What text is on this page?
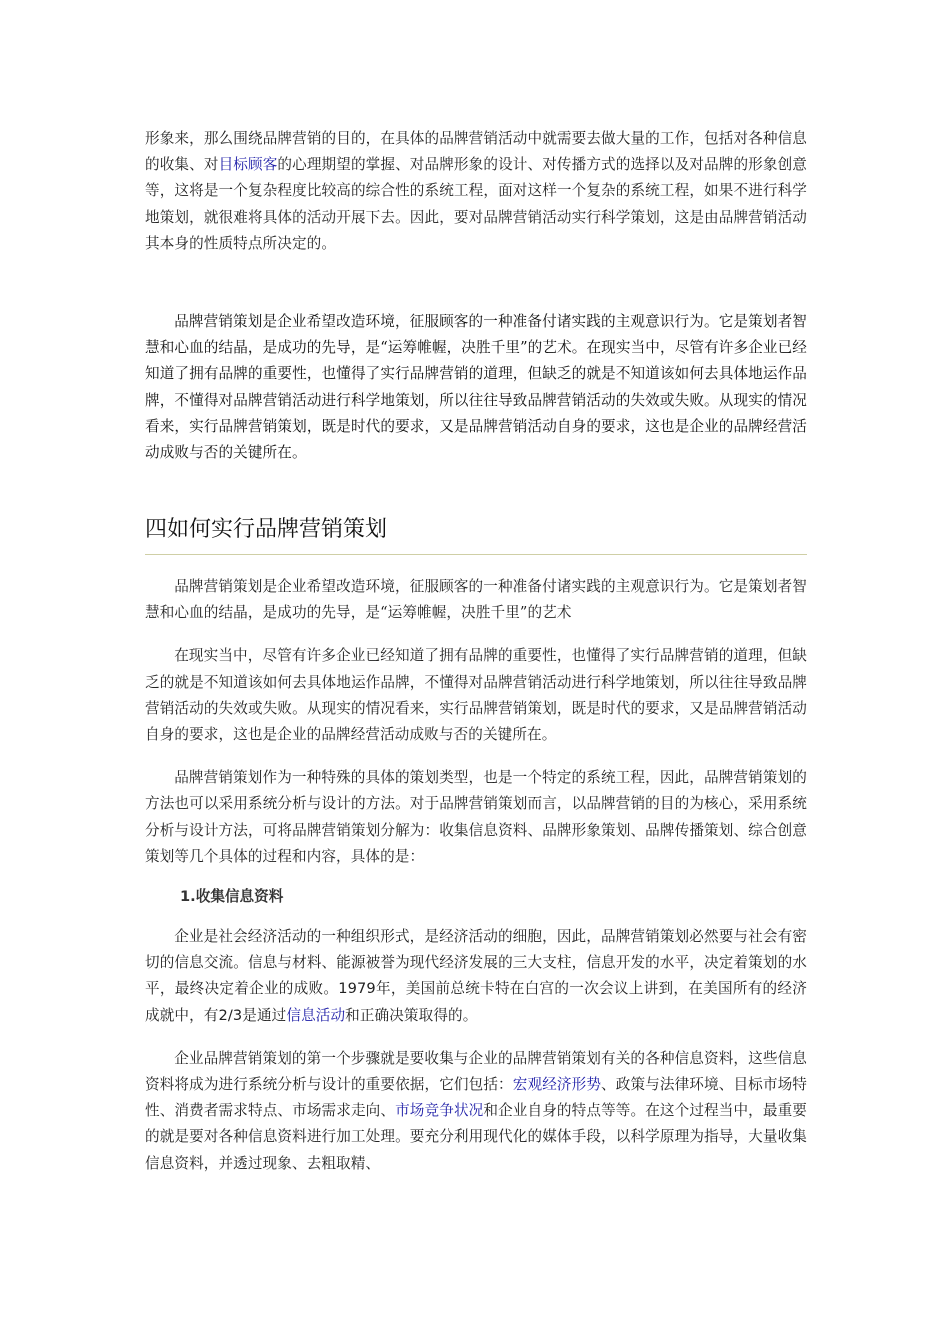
形象来，那么围绕品牌营销的目的，在具体的品牌营销活动中就需要去做大量的工作，包括对各种信息的收集、对目标顾客的心理期望的掌握、对品牌形象的设计、对传播方式的选择以及对品牌的形象创意等，这将是一个复杂程度比较高的综合性的系统工程，面对这样一个复杂的系统工程，如果不进行科学地策划，就很难将具体的活动开展下去。因此，要对品牌营销活动实行科学策划，这是由品牌营销活动其本身的性质特点所决定的。

品牌营销策划是企业希望改造环境，征服顾客的一种准备付诸实践的主观意识行为。它是策划者智慧和心血的结晶，是成功的先导，是“运筹帷幄，决胜千里”的艺术。在现实当中，尽管有许多企业已经知道了拥有品牌的重要性，也懂得了实行品牌营销的道理，但缺乏的就是不知道该如何去具体地运作品牌，不懂得对品牌营销活动进行科学地策划，所以往往导致品牌营销活动的失效或失败。从现实的情况看来，实行品牌营销策划，既是时代的要求，又是品牌营销活动自身的要求，这也是企业的品牌经营活动成败与否的关键所在。

四如何实行品牌营销策划

品牌营销策划是企业希望改造环境，征服顾客的一种准备付诸实践的主观意识行为。它是策划者智慧和心血的结晶，是成功的先导，是“运筹帷幄，决胜千里”的艺术

在现实当中，尽管有许多企业已经知道了拥有品牌的重要性，也懂得了实行品牌营销的道理，但缺乏的就是不知道该如何去具体地运作品牌，不懂得对品牌营销活动进行科学地策划，所以往往导致品牌营销活动的失效或失败。从现实的情况看来，实行品牌营销策划，既是时代的要求，又是品牌营销活动自身的要求，这也是企业的品牌经营活动成败与否的关键所在。

品牌营销策划作为一种特殊的具体的策划类型，也是一个特定的系统工程，因此，品牌营销策划的方法也可以采用系统分析与设计的方法。对于品牌营销策划而言，以品牌营销的目的为核心，采用系统分析与设计方法，可将品牌营销策划分解为：收集信息资料、品牌形象策划、品牌传播策划、综合创意策划等几个具体的过程和内容，具体的是：

1.收集信息资料

企业是社会经济活动的一种组织形式，是经济活动的细胞，因此，品牌营销策划必然要与社会有密切的信息交流。信息与材料、能源被誉为现代经济发展的三大支柱，信息开发的水平，决定着策划的水平，最终决定着企业的成败。1979年，美国前总统卡特在白宫的一次会议上讲到，在美国所有的经济成就中，有2/3是通过信息活动和正确决策取得的。

企业品牌营销策划的第一个步骤就是要收集与企业的品牌营销策划有关的各种信息资料，这些信息资料将成为进行系统分析与设计的重要依据，它们包括：宏观经济形势、政策与法律环境、目标市场特性、消费者需求特点、市场需求走向、市场竞争状况和企业自身的特点等等。在这个过程当中，最重要的就是要对各种信息资料进行加工处理。要充分利用现代化的媒体手段，以科学原理为指导，大量收集信息资料，并透过现象、去粗取精、
